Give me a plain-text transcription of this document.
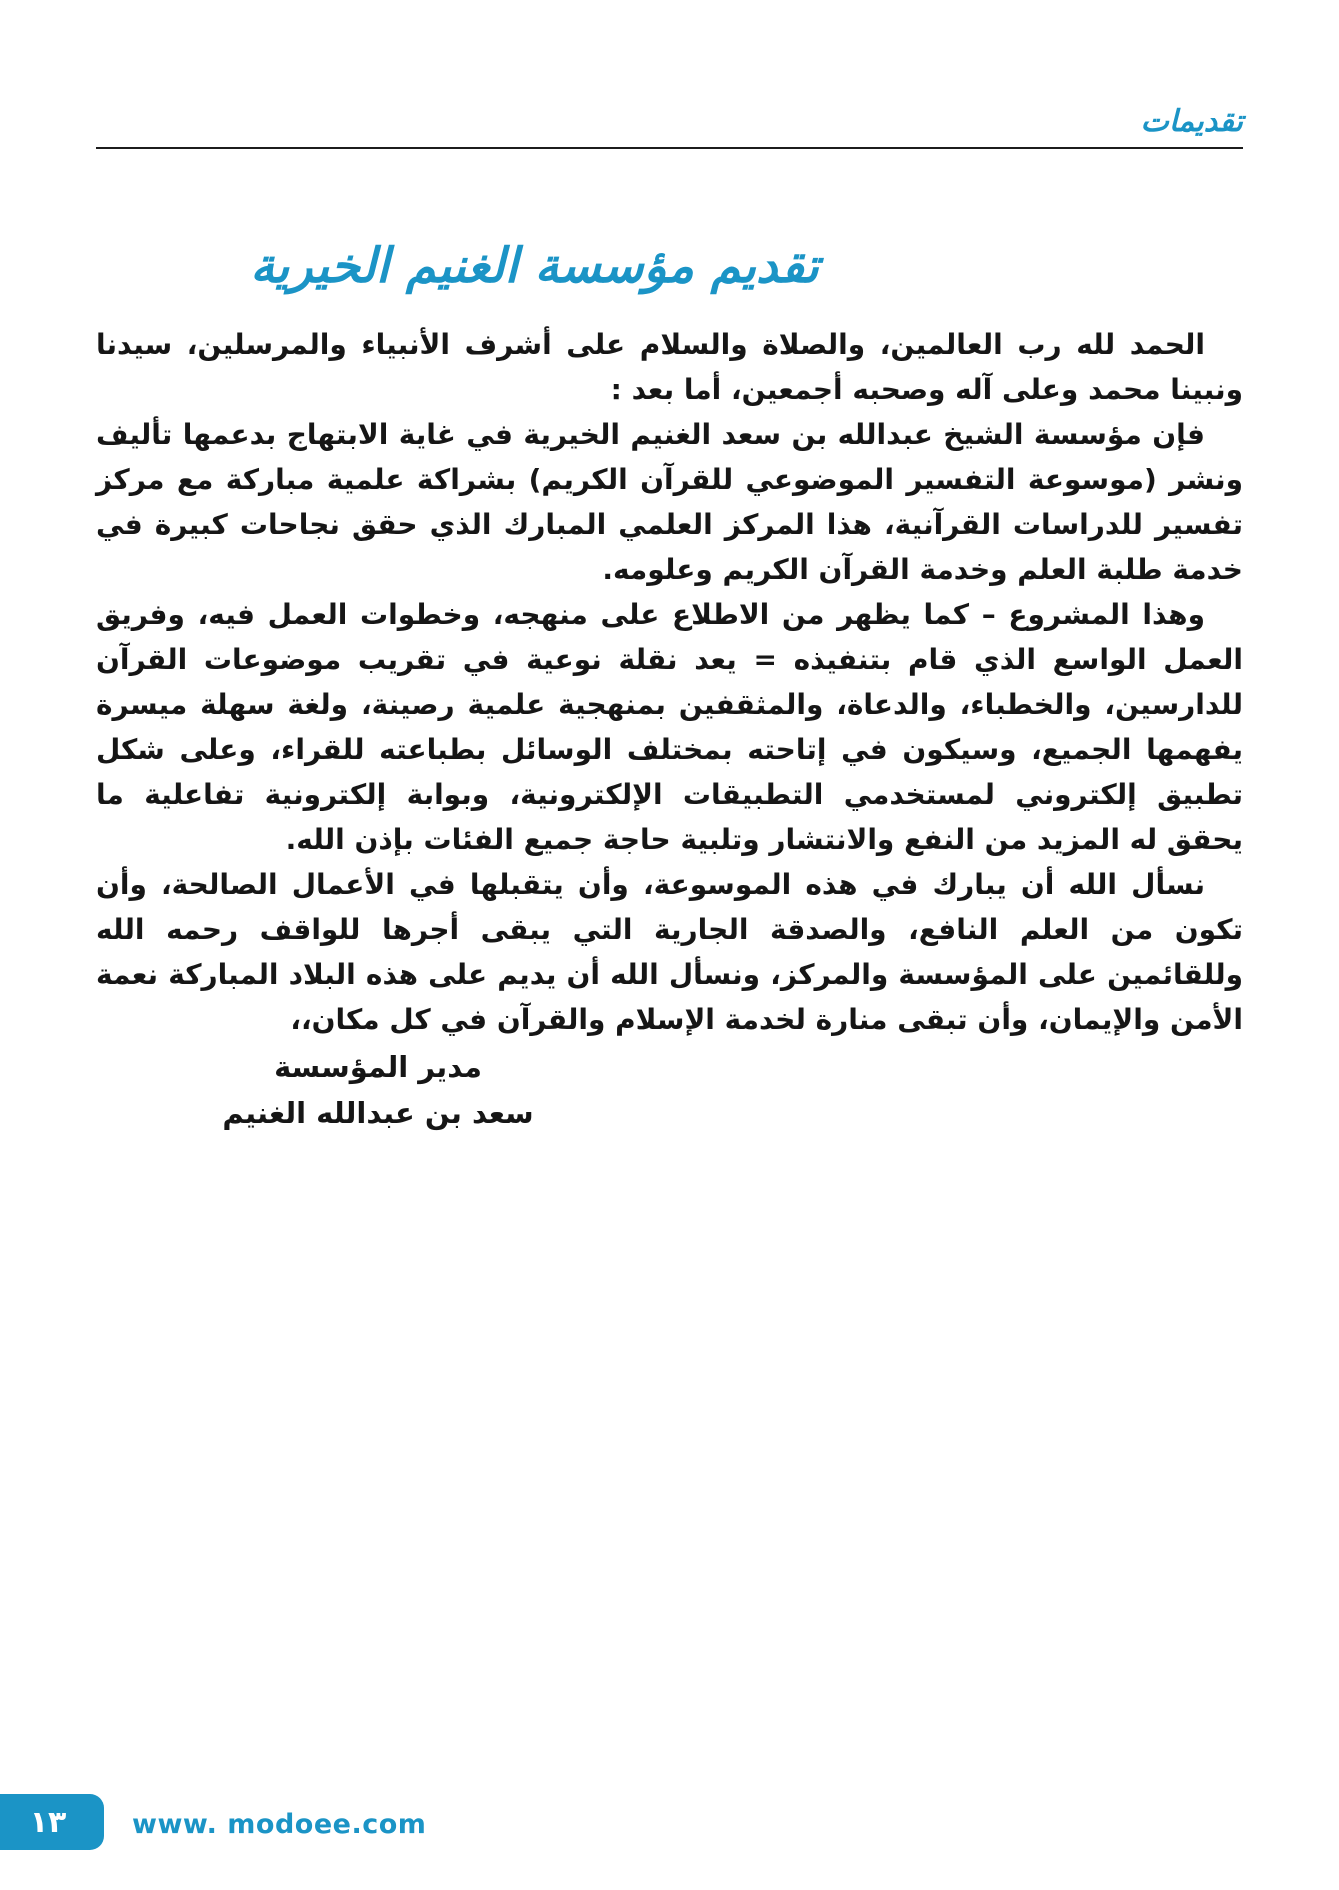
تقديمات
تقديم مؤسسة الغنيم الخيرية

الحمد لله رب العالمين، والصلاة والسلام على أشرف الأنبياء والمرسلين، سيدنا ونبينا محمد وعلى آله وصحبه أجمعين، أما بعد :

فإن مؤسسة الشيخ عبدالله بن سعد الغنيم الخيرية في غاية الابتهاج بدعمها تأليف ونشر (موسوعة التفسير الموضوعي للقرآن الكريم) بشراكة علمية مباركة مع مركز تفسير للدراسات القرآنية، هذا المركز العلمي المبارك الذي حقق نجاحات كبيرة في خدمة طلبة العلم وخدمة القرآن الكريم وعلومه.

وهذا المشروع – كما يظهر من الاطلاع على منهجه، وخطوات العمل فيه، وفريق العمل الواسع الذي قام بتنفيذه = يعد نقلة نوعية في تقريب موضوعات القرآن للدارسين، والخطباء، والدعاة، والمثقفين بمنهجية علمية رصينة، ولغة سهلة ميسرة يفهمها الجميع، وسيكون في إتاحته بمختلف الوسائل بطباعته للقراء، وعلى شكل تطبيق إلكتروني لمستخدمي التطبيقات الإلكترونية، وبوابة إلكترونية تفاعلية ما يحقق له المزيد من النفع والانتشار وتلبية حاجة جميع الفئات بإذن الله.

نسأل الله أن يبارك في هذه الموسوعة، وأن يتقبلها في الأعمال الصالحة، وأن تكون من العلم النافع، والصدقة الجارية التي يبقى أجرها للواقف رحمه الله وللقائمين على المؤسسة والمركز، ونسأل الله أن يديم على هذه البلاد المباركة نعمة الأمن والإيمان، وأن تبقى منارة لخدمة الإسلام والقرآن في كل مكان،،

مدير المؤسسة
سعد بن عبدالله الغنيم
١٣ www. modoee.com
